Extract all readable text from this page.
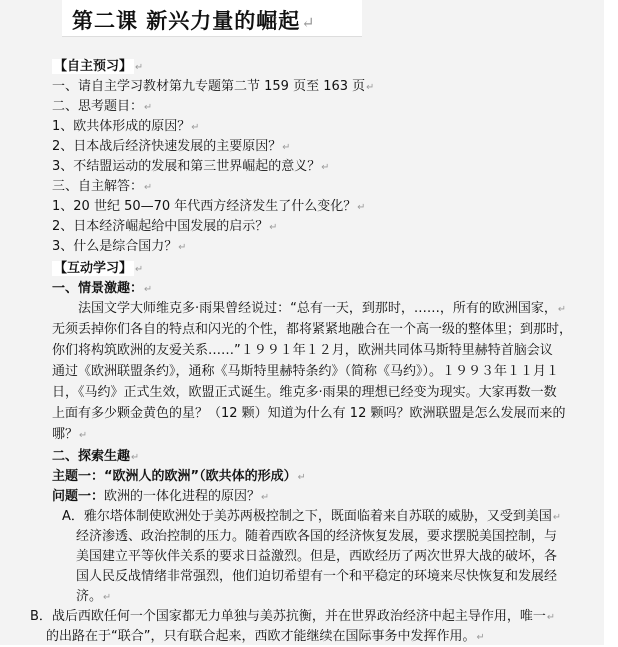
第二课 新兴力量的崛起↵
【自主预习】 ↵
一、请自主学习教材第九专题第二节 159 页至 163 页↵
二、思考题目：↵
1、欧共体形成的原因？↵
2、日本战后经济快速发展的主要原因？↵
3、不结盟运动的发展和第三世界崛起的意义？↵
三、自主解答：↵
1、20 世纪 50—70 年代西方经济发生了什么变化？↵
2、日本经济崛起给中国发展的启示？↵
3、什么是综合国力？↵
【互动学习】 ↵
一、情景激趣：↵
法国文学大师维克多·雨果曾经说过：“总有一天，到那时，……，所有的欧洲国家，↵
无须丢掉你们各自的特点和闪光的个性，都将紧紧地融合在一个高一级的整体里；到那时，
你们将构筑欧洲的友爱关系……”１９９１年１２月，欧洲共同体马斯特里赫特首脑会议
通过《欧洲联盟条约》，通称《马斯特里赫特条约》（简称《马约》）。１９９３年１１月１
日，《马约》正式生效，欧盟正式诞生。维克多·雨果的理想已经变为现实。大家再数一数
上面有多少颗金黄色的星？（12 颗）知道为什么有 12 颗吗？欧洲联盟是怎么发展而来的
哪？↵
二、探索生趣↵
主题一：“欧洲人的欧洲”（欧共体的形成）↵
问题一：欧洲的一体化进程的原因？↵
A．雅尔塔体制使欧洲处于美苏两极控制之下，既面临着来自苏联的威胁，又受到美国↵
经济渗透、政治控制的压力。随着西欧各国的经济恢复发展，要求摆脱美国控制，与
美国建立平等伙伴关系的要求日益激烈。但是，西欧经历了两次世界大战的破坏，各
国人民反战情绪非常强烈，他们迫切希望有一个和平稳定的环境来尽快恢复和发展经
济。↵
B．战后西欧任何一个国家都无力单独与美苏抗衡，并在世界政治经济中起主导作用，唯一↵
的出路在于“联合”，只有联合起来，西欧才能继续在国际事务中发挥作用。↵
